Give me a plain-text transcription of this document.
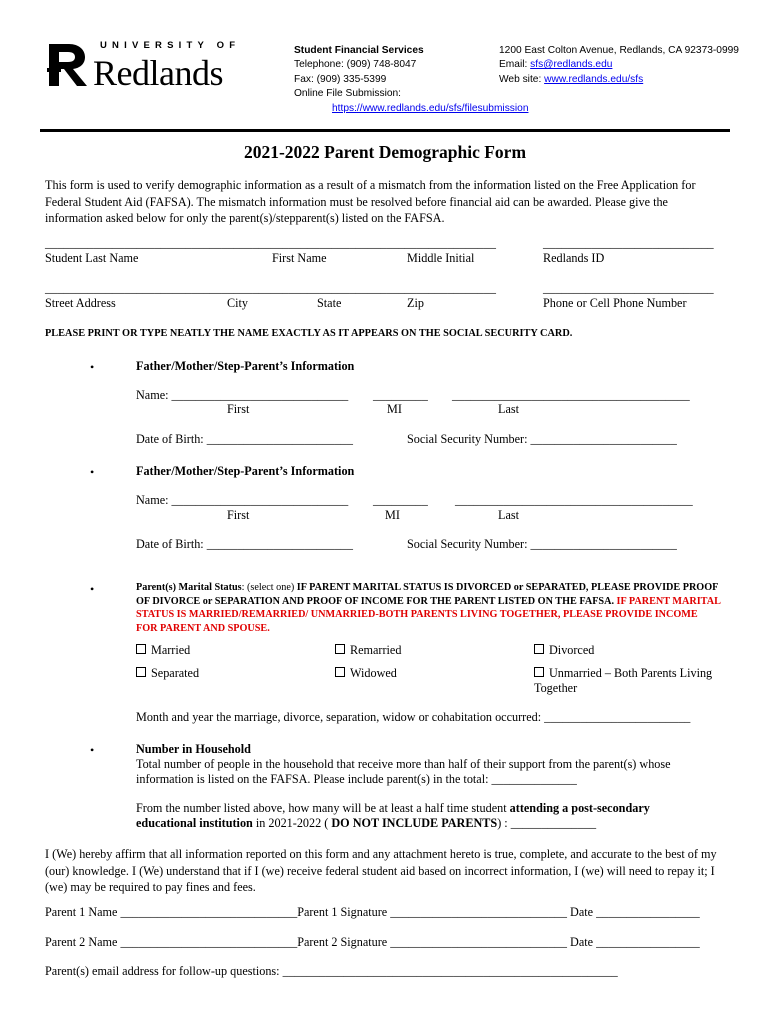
UNIVERSITY OF
Redlands
Student Financial Services
Telephone: (909) 748-8047
Fax: (909) 335-5399
Online File Submission:
https://www.redlands.edu/sfs/filesubmission
1200 East Colton Avenue, Redlands, CA 92373-0999
Email: sfs@redlands.edu
Web site: www.redlands.edu/sfs
2021-2022 Parent Demographic Form
This form is used to verify demographic information as a result of a mismatch from the information listed on the Free Application for Federal Student Aid (FAFSA). The mismatch information must be resolved before financial aid can be awarded. Please give the information asked below for only the parent(s)/stepparent(s) listed on the FAFSA.
__________________________________________________________________________	____________________________
Student Last Name	First Name	Middle Initial	Redlands ID
__________________________________________________________________________	____________________________
Street Address	City	State	Zip	Phone or Cell Phone Number
PLEASE PRINT OR TYPE NEATLY THE NAME EXACTLY AS IT APPEARS ON THE SOCIAL SECURITY CARD.
•	Father/Mother/Step-Parent’s Information
Name: _____________________________ _________ _______________________________________
First	MI	Last
Date of Birth: ________________________	Social Security Number: ________________________
•	Father/Mother/Step-Parent’s Information
Name: _____________________________ _________ _______________________________________
First	MI	Last
Date of Birth: ________________________	Social Security Number: ________________________
•	Parent(s) Marital Status: (select one) IF PARENT MARITAL STATUS IS DIVORCED or SEPARATED, PLEASE PROVIDE PROOF OF DIVORCE or SEPARATION AND PROOF OF INCOME FOR THE PARENT LISTED ON THE FAFSA. IF PARENT MARITAL STATUS IS MARRIED/REMARRIED/ UNMARRIED-BOTH PARENTS LIVING TOGETHER, PLEASE PROVIDE INCOME FOR PARENT AND SPOUSE.
Married	Remarried	Divorced
Separated	Widowed	Unmarried – Both Parents Living Together
Month and year the marriage, divorce, separation, widow or cohabitation occurred: ________________________
•	Number in Household
Total number of people in the household that receive more than half of their support from the parent(s) whose information is listed on the FAFSA. Please include parent(s) in the total: ______________
From the number listed above, how many will be at least a half time student attending a post-secondary educational institution in 2021-2022 ( DO NOT INCLUDE PARENTS) : ______________
I (We) hereby affirm that all information reported on this form and any attachment hereto is true, complete, and accurate to the best of my (our) knowledge. I (We) understand that if I (we) receive federal student aid based on incorrect information, I (we) will need to repay it; I (we) may be required to pay fines and fees.
Parent 1 Name _____________________________Parent 1 Signature _____________________________ Date _________________
Parent 2 Name _____________________________Parent 2 Signature _____________________________ Date _________________
Parent(s) email address for follow-up questions: _______________________________________________________
